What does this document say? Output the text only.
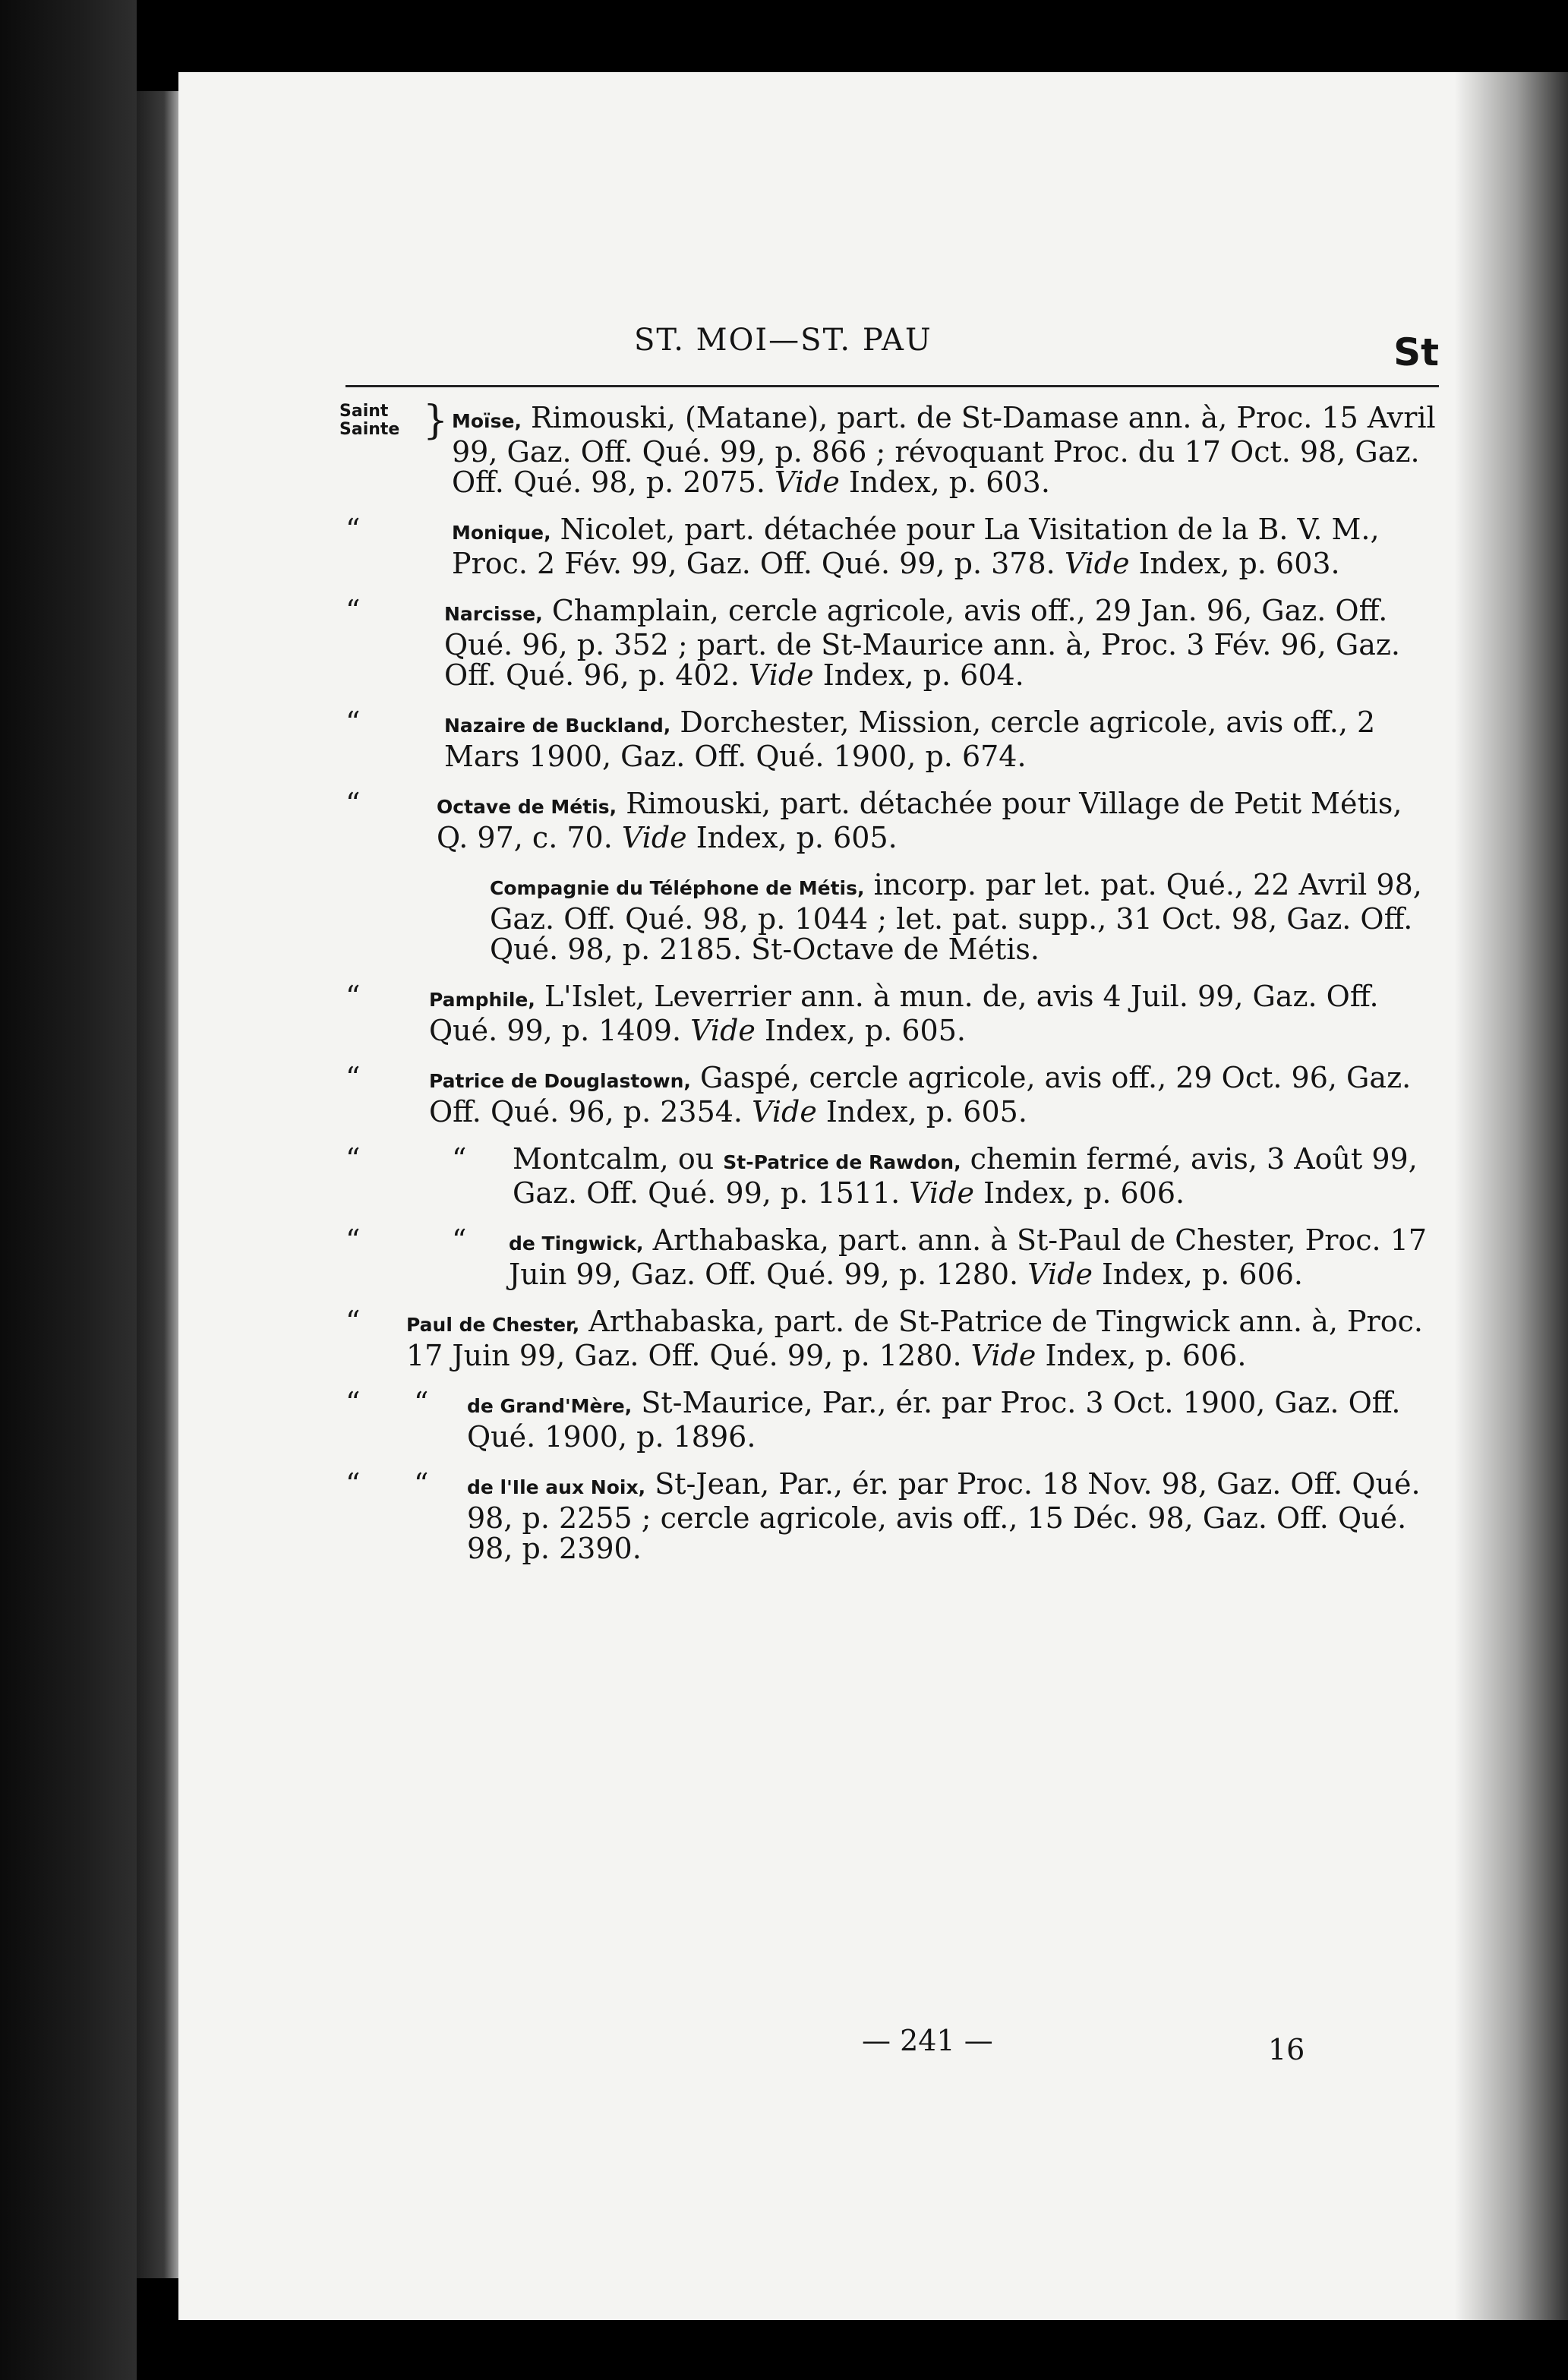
ST. MOI—ST. PAU	St
Saint
Sainte } Moïse, Rimouski, (Matane), part. de St-Damase ann. à, Proc. 15 Avril 99, Gaz. Off. Qué. 99, p. 866 ; révoquant Proc. du 17 Oct. 98, Gaz. Off. Qué. 98, p. 2075. Vide Index, p. 603.
“	Monique, Nicolet, part. détachée pour La Visitation de la B. V. M., Proc. 2 Fév. 99, Gaz. Off. Qué. 99, p. 378. Vide Index, p. 603.
“	Narcisse, Champlain, cercle agricole, avis off., 29 Jan. 96, Gaz. Off. Qué. 96, p. 352 ; part. de St-Maurice ann. à, Proc. 3 Fév. 96, Gaz. Off. Qué. 96, p. 402. Vide Index, p. 604.
“	Nazaire de Buckland, Dorchester, Mission, cercle agricole, avis off., 2 Mars 1900, Gaz. Off. Qué. 1900, p. 674.
“	Octave de Métis, Rimouski, part. détachée pour Village de Petit Métis, Q. 97, c. 70. Vide Index, p. 605.
Compagnie du Téléphone de Métis, incorp. par let. pat. Qué., 22 Avril 98, Gaz. Off. Qué. 98, p. 1044 ; let. pat. supp., 31 Oct. 98, Gaz. Off. Qué. 98, p. 2185. St-Octave de Métis.
“	Pamphile, L'Islet, Leverrier ann. à mun. de, avis 4 Juil. 99, Gaz. Off. Qué. 99, p. 1409. Vide Index, p. 605.
“	Patrice de Douglastown, Gaspé, cercle agricole, avis off., 29 Oct. 96, Gaz. Off. Qué. 96, p. 2354. Vide Index, p. 605.
“	“	Montcalm, ou St-Patrice de Rawdon, chemin fermé, avis, 3 Août 99, Gaz. Off. Qué. 99, p. 1511. Vide Index, p. 606.
“	“	de Tingwick, Arthabaska, part. ann. à St-Paul de Chester, Proc. 17 Juin 99, Gaz. Off. Qué. 99, p. 1280. Vide Index, p. 606.
“	Paul de Chester, Arthabaska, part. de St-Patrice de Tingwick ann. à, Proc. 17 Juin 99, Gaz. Off. Qué. 99, p. 1280. Vide Index, p. 606.
“	“	de Grand'Mère, St-Maurice, Par., ér. par Proc. 3 Oct. 1900, Gaz. Off. Qué. 1900, p. 1896.
“	“	de l'Ile aux Noix, St-Jean, Par., ér. par Proc. 18 Nov. 98, Gaz. Off. Qué. 98, p. 2255 ; cercle agricole, avis off., 15 Déc. 98, Gaz. Off. Qué. 98, p. 2390.
— 241 —	16
